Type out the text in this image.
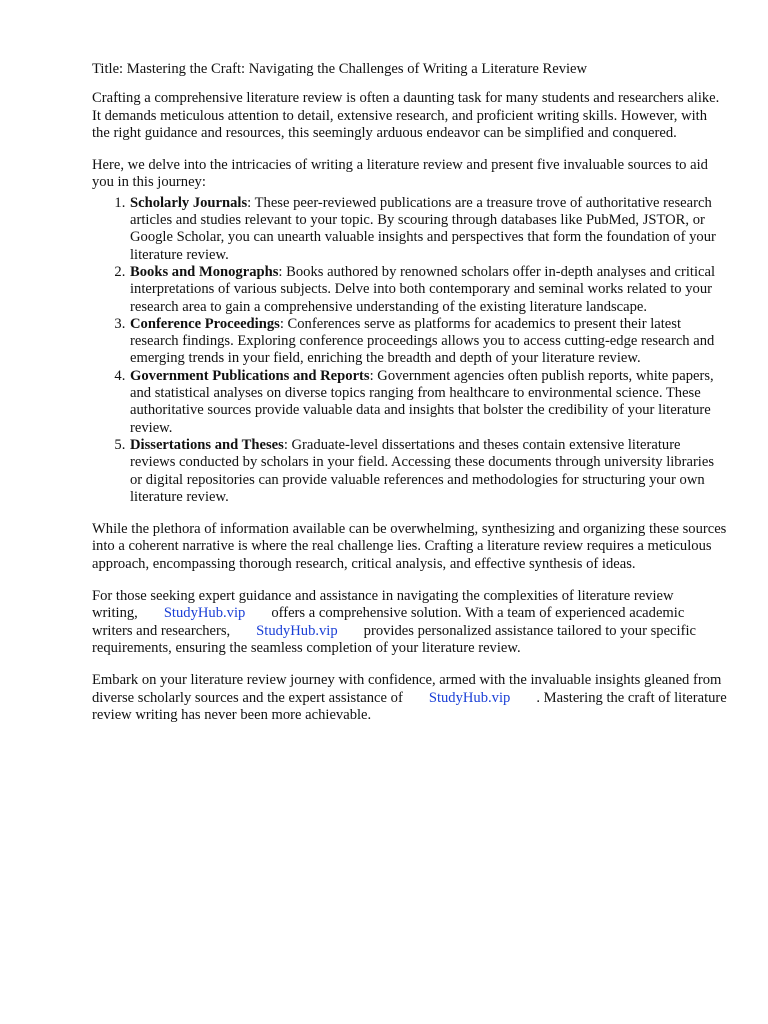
Title: Mastering the Craft: Navigating the Challenges of Writing a Literature Review

Crafting a comprehensive literature review is often a daunting task for many students and researchers alike. It demands meticulous attention to detail, extensive research, and proficient writing skills. However, with the right guidance and resources, this seemingly arduous endeavor can be simplified and conquered.

Here, we delve into the intricacies of writing a literature review and present five invaluable sources to aid you in this journey:

1. Scholarly Journals: These peer-reviewed publications are a treasure trove of authoritative research articles and studies relevant to your topic. By scouring through databases like PubMed, JSTOR, or Google Scholar, you can unearth valuable insights and perspectives that form the foundation of your literature review.
2. Books and Monographs: Books authored by renowned scholars offer in-depth analyses and critical interpretations of various subjects. Delve into both contemporary and seminal works related to your research area to gain a comprehensive understanding of the existing literature landscape.
3. Conference Proceedings: Conferences serve as platforms for academics to present their latest research findings. Exploring conference proceedings allows you to access cutting-edge research and emerging trends in your field, enriching the breadth and depth of your literature review.
4. Government Publications and Reports: Government agencies often publish reports, white papers, and statistical analyses on diverse topics ranging from healthcare to environmental science. These authoritative sources provide valuable data and insights that bolster the credibility of your literature review.
5. Dissertations and Theses: Graduate-level dissertations and theses contain extensive literature reviews conducted by scholars in your field. Accessing these documents through university libraries or digital repositories can provide valuable references and methodologies for structuring your own literature review.

While the plethora of information available can be overwhelming, synthesizing and organizing these sources into a coherent narrative is where the real challenge lies. Crafting a literature review requires a meticulous approach, encompassing thorough research, critical analysis, and effective synthesis of ideas.

For those seeking expert guidance and assistance in navigating the complexities of literature review writing, StudyHub.vip offers a comprehensive solution. With a team of experienced academic writers and researchers, StudyHub.vip provides personalized assistance tailored to your specific requirements, ensuring the seamless completion of your literature review.

Embark on your literature review journey with confidence, armed with the invaluable insights gleaned from diverse scholarly sources and the expert assistance of StudyHub.vip . Mastering the craft of literature review writing has never been more achievable.
